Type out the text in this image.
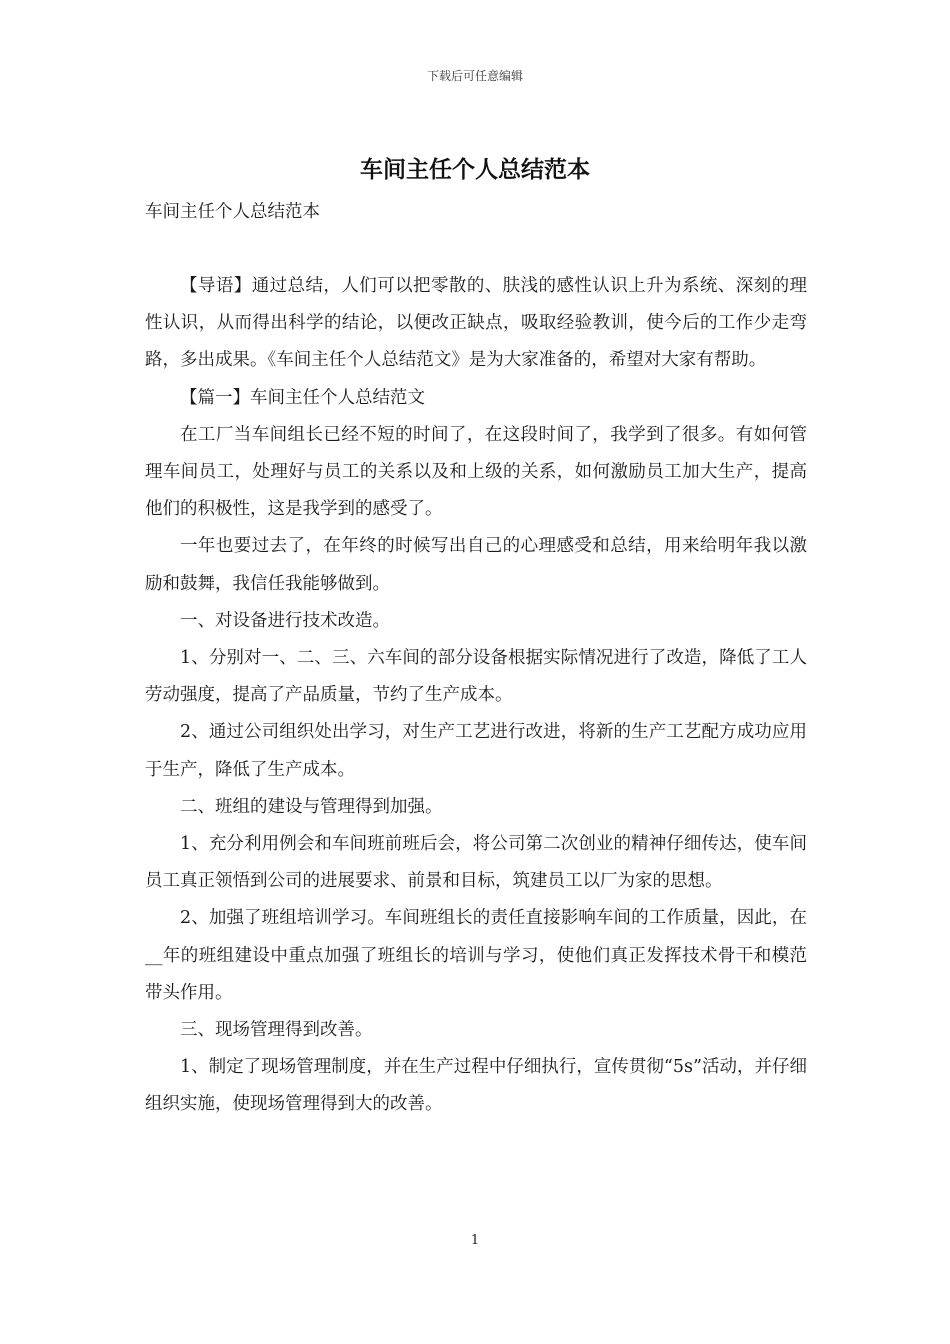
下载后可任意编辑
车间主任个人总结范本

车间主任个人总结范本

【导语】通过总结，人们可以把零散的、肤浅的感性认识上升为系统、深刻的理性认识，从而得出科学的结论，以便改正缺点，吸取经验教训，使今后的工作少走弯路，多出成果。《车间主任个人总结范文》是为大家准备的，希望对大家有帮助。

【篇一】车间主任个人总结范文

在工厂当车间组长已经不短的时间了，在这段时间了，我学到了很多。有如何管理车间员工，处理好与员工的关系以及和上级的关系，如何激励员工加大生产，提高他们的积极性，这是我学到的感受了。

一年也要过去了，在年终的时候写出自己的心理感受和总结，用来给明年我以激励和鼓舞，我信任我能够做到。

一、对设备进行技术改造。

1、分别对一、二、三、六车间的部分设备根据实际情况进行了改造，降低了工人劳动强度，提高了产品质量，节约了生产成本。

2、通过公司组织处出学习，对生产工艺进行改进，将新的生产工艺配方成功应用于生产，降低了生产成本。

二、班组的建设与管理得到加强。

1、充分利用例会和车间班前班后会，将公司第二次创业的精神仔细传达，使车间员工真正领悟到公司的进展要求、前景和目标，筑建员工以厂为家的思想。

2、加强了班组培训学习。车间班组长的责任直接影响车间的工作质量，因此，在__年的班组建设中重点加强了班组长的培训与学习，使他们真正发挥技术骨干和模范带头作用。

三、现场管理得到改善。

1、制定了现场管理制度，并在生产过程中仔细执行，宣传贯彻“5s”活动，并仔细组织实施，使现场管理得到大的改善。

1
